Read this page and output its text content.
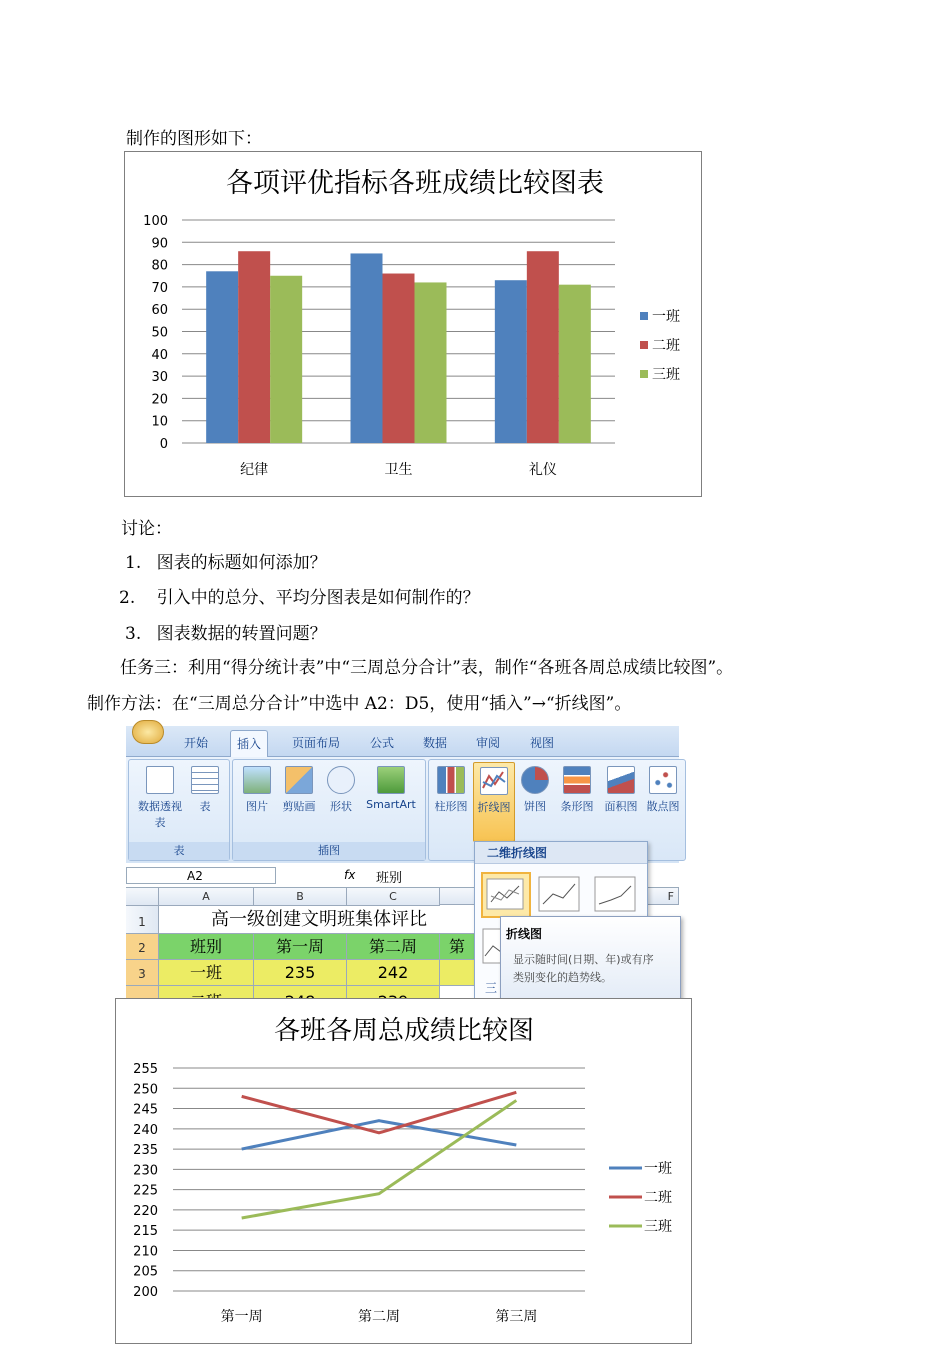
制作的图形如下：
各项评优指标各班成绩比较图表
0
10
20
30
40
50
60
70
80
90
100
纪律	卫生	礼仪
一班
二班
三班
讨论：
1. 图表的标题如何添加？
2. 引入中的总分、平均分图表是如何制作的？
3. 图表数据的转置问题？
任务三：利用“得分统计表”中“三周总分合计”表，制作“各班各周总成绩比较图”。
制作方法：在“三周总分合计”中选中 A2：D5，使用“插入”→“折线图”。
开始	插入	页面布局 公式 数据 审阅 视图
数据透视表
表
表
图片	剪贴画	形状	SmartArt
插图
柱形图 折线图	饼图	条形图	面积图 散点图
A2	fx 班别
A	B	C	F
1
2
3
高一级创建文明班集体评比
班别	第一周	第二周	第
一班	235	242
二维折线图
三
折线图
显示随时间(日期、年)或有序
类别变化的趋势线。
各班各周总成绩比较图
200
205
210
215
220
225
230
235
240
245
250
255
第一周	第二周	第三周
一班
二班
三班
